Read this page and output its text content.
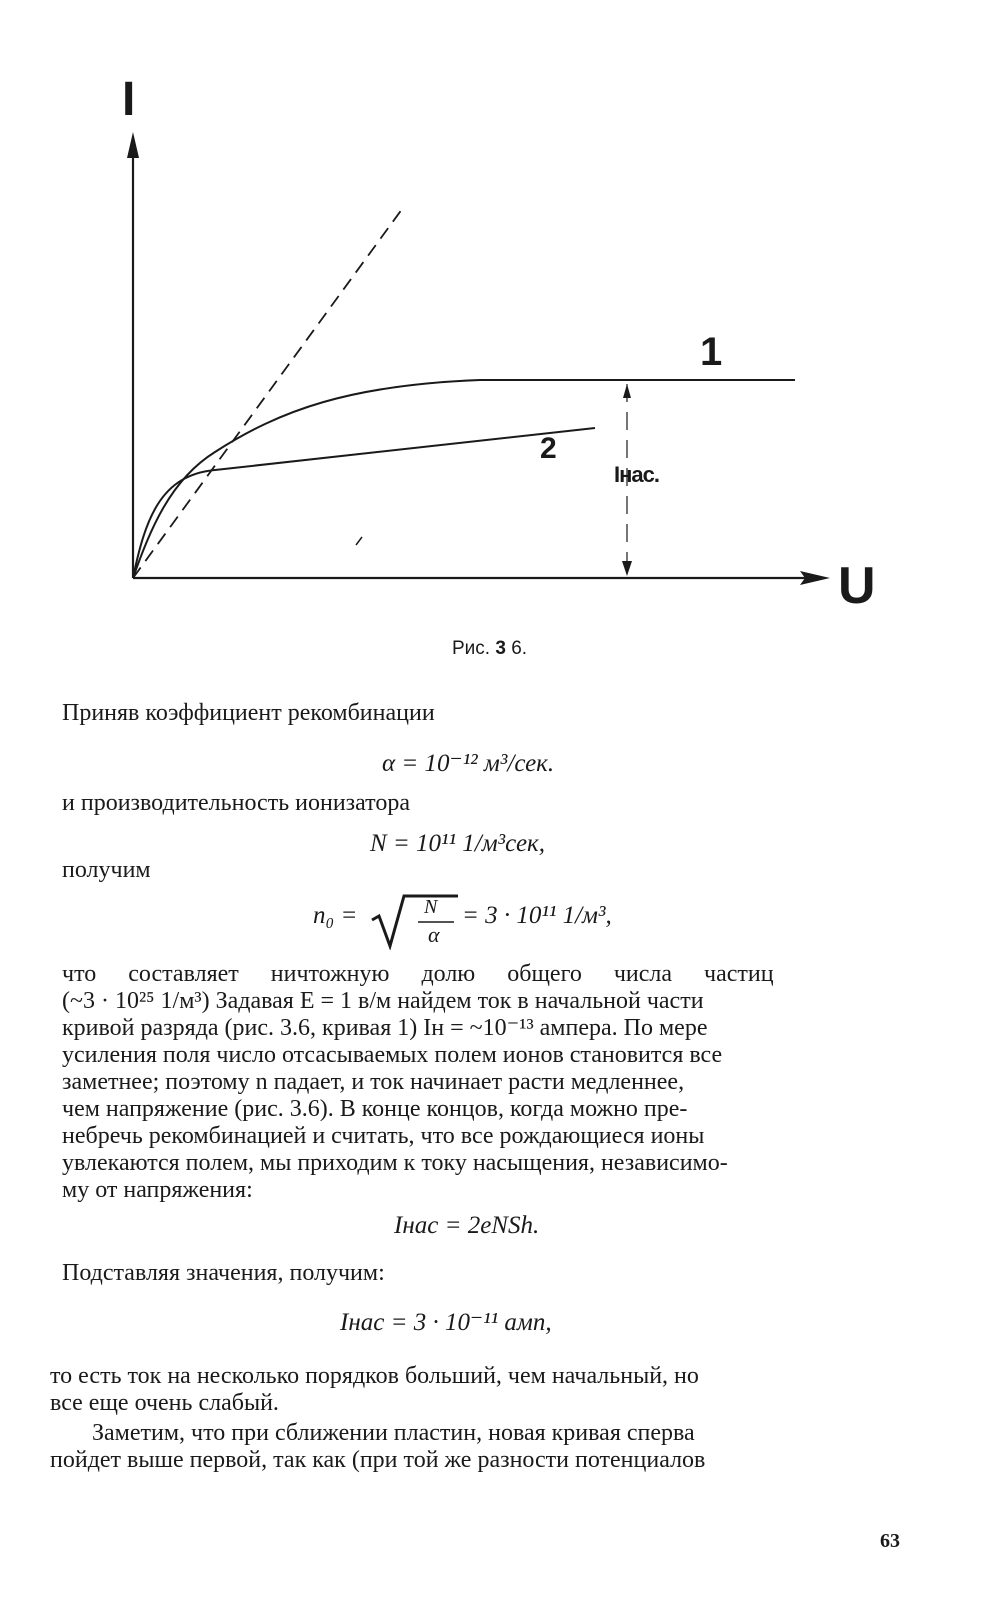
I
U
1
2
Iнас.
Рис. 3 6.
Приняв коэффициент рекомбинации
α = 10⁻¹² м³/сек.
и производительность ионизатора
N = 10¹¹ 1/м³сек,
получим
n₀ =	N
α
= 3 · 10¹¹ 1/м³,
что составляет ничтожную долю общего числа частиц
(~3 · 10²⁵ 1/м³) Задавая E = 1 в/м найдем ток в начальной части
кривой разряда (рис. 3.6, кривая 1) Iн = ~10⁻¹³ ампера. По мере
усиления поля число отсасываемых полем ионов становится все
заметнее; поэтому n падает, и ток начинает расти медленнее,
чем напряжение (рис. 3.6). В конце концов, когда можно пре-
небречь рекомбинацией и считать, что все рождающиеся ионы
увлекаются полем, мы приходим к току насыщения, независимо-
му от напряжения:
Iнас = 2eNSh.
Подставляя значения, получим:
Iнас = 3 · 10⁻¹¹ амп,
то есть ток на несколько порядков больший, чем начальный, но
все еще очень слабый.
Заметим, что при сближении пластин, новая кривая сперва
пойдет выше первой, так как (при той же разности потенциалов
63
